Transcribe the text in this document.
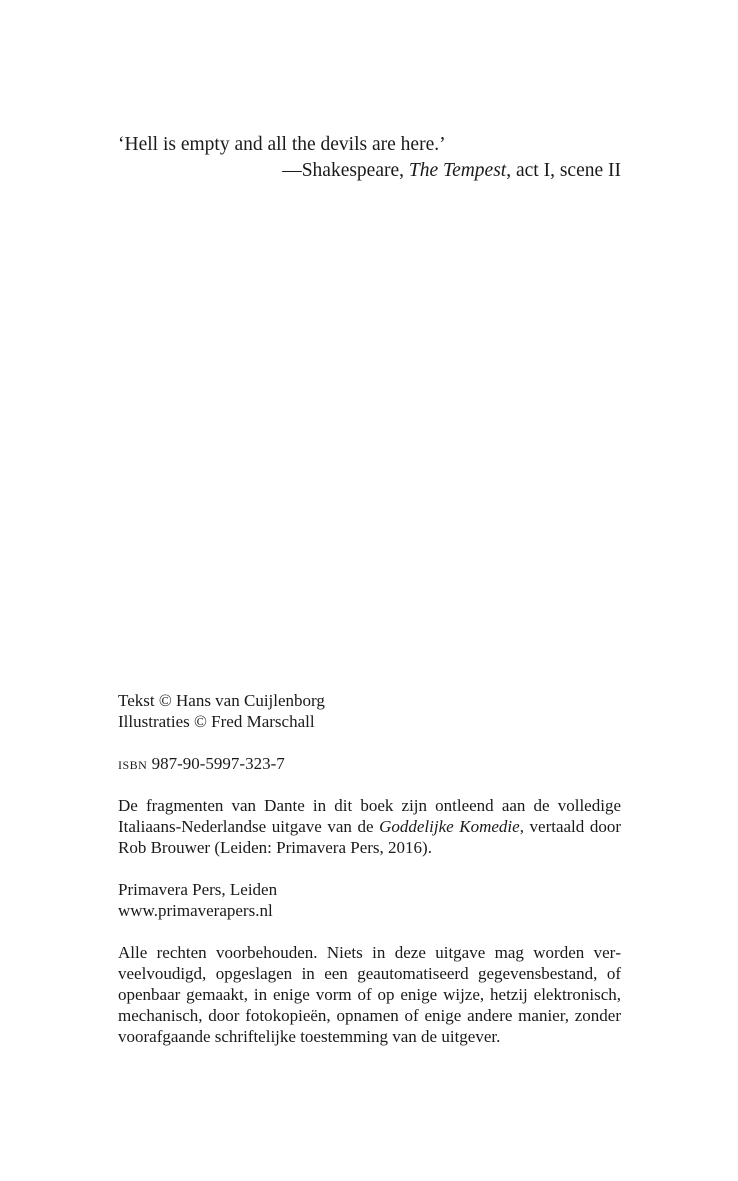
‘Hell is empty and all the devils are here.’
—Shakespeare, The Tempest, act I, scene II

Tekst © Hans van Cuijlenborg
Illustraties © Fred Marschall

isbn 987-90-5997-323-7

De fragmenten van Dante in dit boek zijn ontleend aan de volledige Italiaans-Nederlandse uitgave van de Goddelijke Komedie, vertaald door Rob Brouwer (Leiden: Primavera Pers, 2016).

Primavera Pers, Leiden
www.primaverapers.nl

Alle rechten voorbehouden. Niets in deze uitgave mag worden verveelvoudigd, opgeslagen in een geautomatiseerd gegevensbestand, of openbaar gemaakt, in enige vorm of op enige wijze, hetzij elektronisch, mechanisch, door fotokopieën, opnamen of enige andere manier, zonder voorafgaande schriftelijke toestemming van de uitgever.
